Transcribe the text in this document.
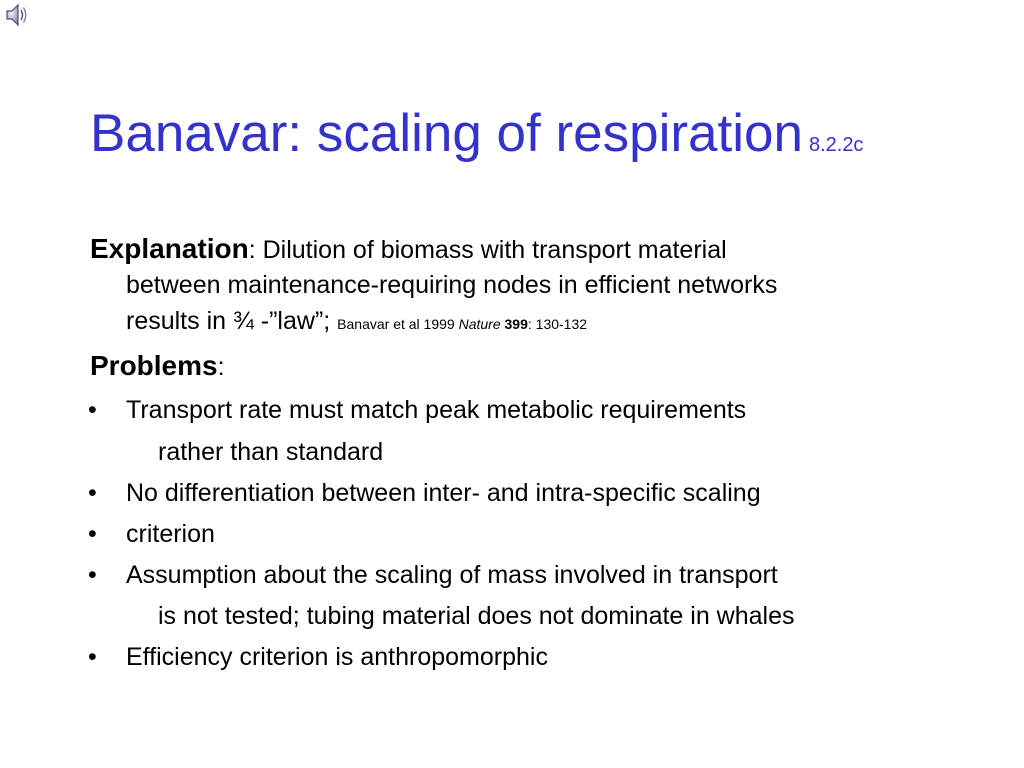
Banavar: scaling of respiration 8.2.2c
Explanation: Dilution of biomass with transport material
between maintenance-requiring nodes in efficient networks
results in ¾ -”law”; Banavar et al 1999 Nature 399: 130-132
Problems:
• Transport rate must match peak metabolic requirements
rather than standard
• No differentiation between inter- and intra-specific scaling
• criterion
• Assumption about the scaling of mass involved in transport
is not tested; tubing material does not dominate in whales
• Efficiency criterion is anthropomorphic
